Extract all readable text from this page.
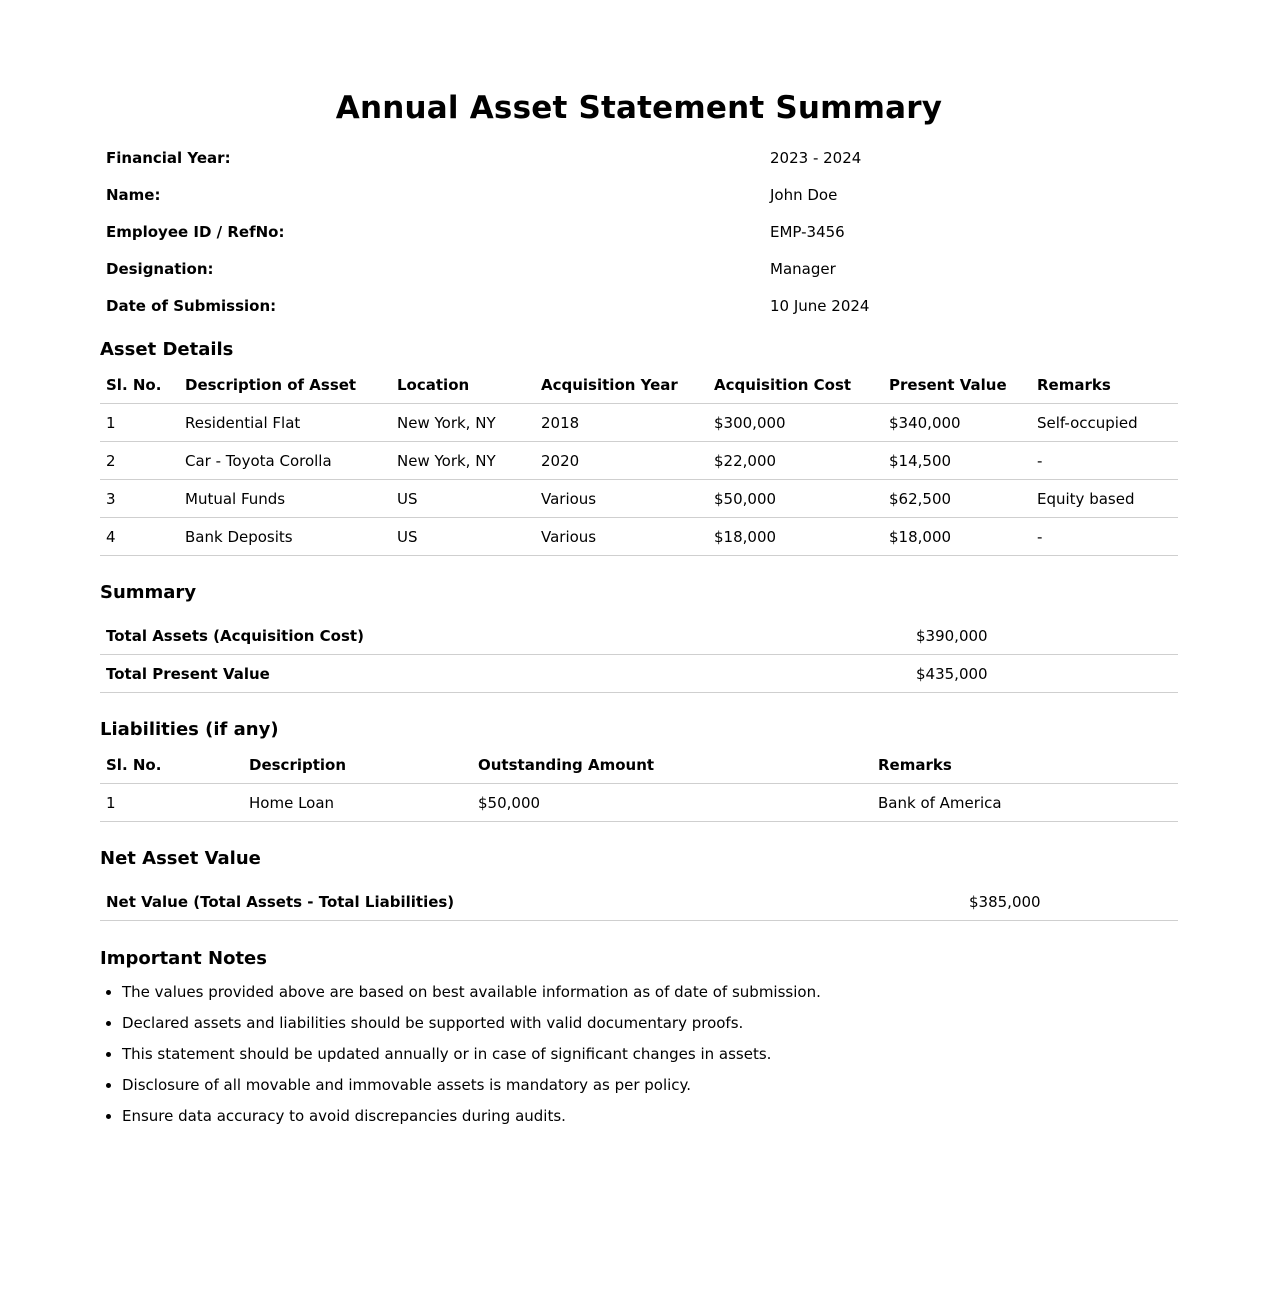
Annual Asset Statement Summary
Financial Year:	2023 - 2024
Name:	John Doe
Employee ID / RefNo:	EMP-3456
Designation:	Manager
Date of Submission:	10 June 2024
Asset Details
Sl. No.	Description of Asset	Location	Acquisition Year	Acquisition Cost	Present Value	Remarks
1	Residential Flat	New York, NY	2018	$300,000	$340,000	Self-occupied
2	Car - Toyota Corolla	New York, NY	2020	$22,000	$14,500	-
3	Mutual Funds	US	Various	$50,000	$62,500	Equity based
4	Bank Deposits	US	Various	$18,000	$18,000	-
Summary
Total Assets (Acquisition Cost)	$390,000
Total Present Value	$435,000
Liabilities (if any)
Sl. No.	Description	Outstanding Amount	Remarks
1	Home Loan	$50,000	Bank of America
Net Asset Value
Net Value (Total Assets - Total Liabilities)	$385,000
Important Notes
• The values provided above are based on best available information as of date of submission.
• Declared assets and liabilities should be supported with valid documentary proofs.
• This statement should be updated annually or in case of significant changes in assets.
• Disclosure of all movable and immovable assets is mandatory as per policy.
• Ensure data accuracy to avoid discrepancies during audits.
